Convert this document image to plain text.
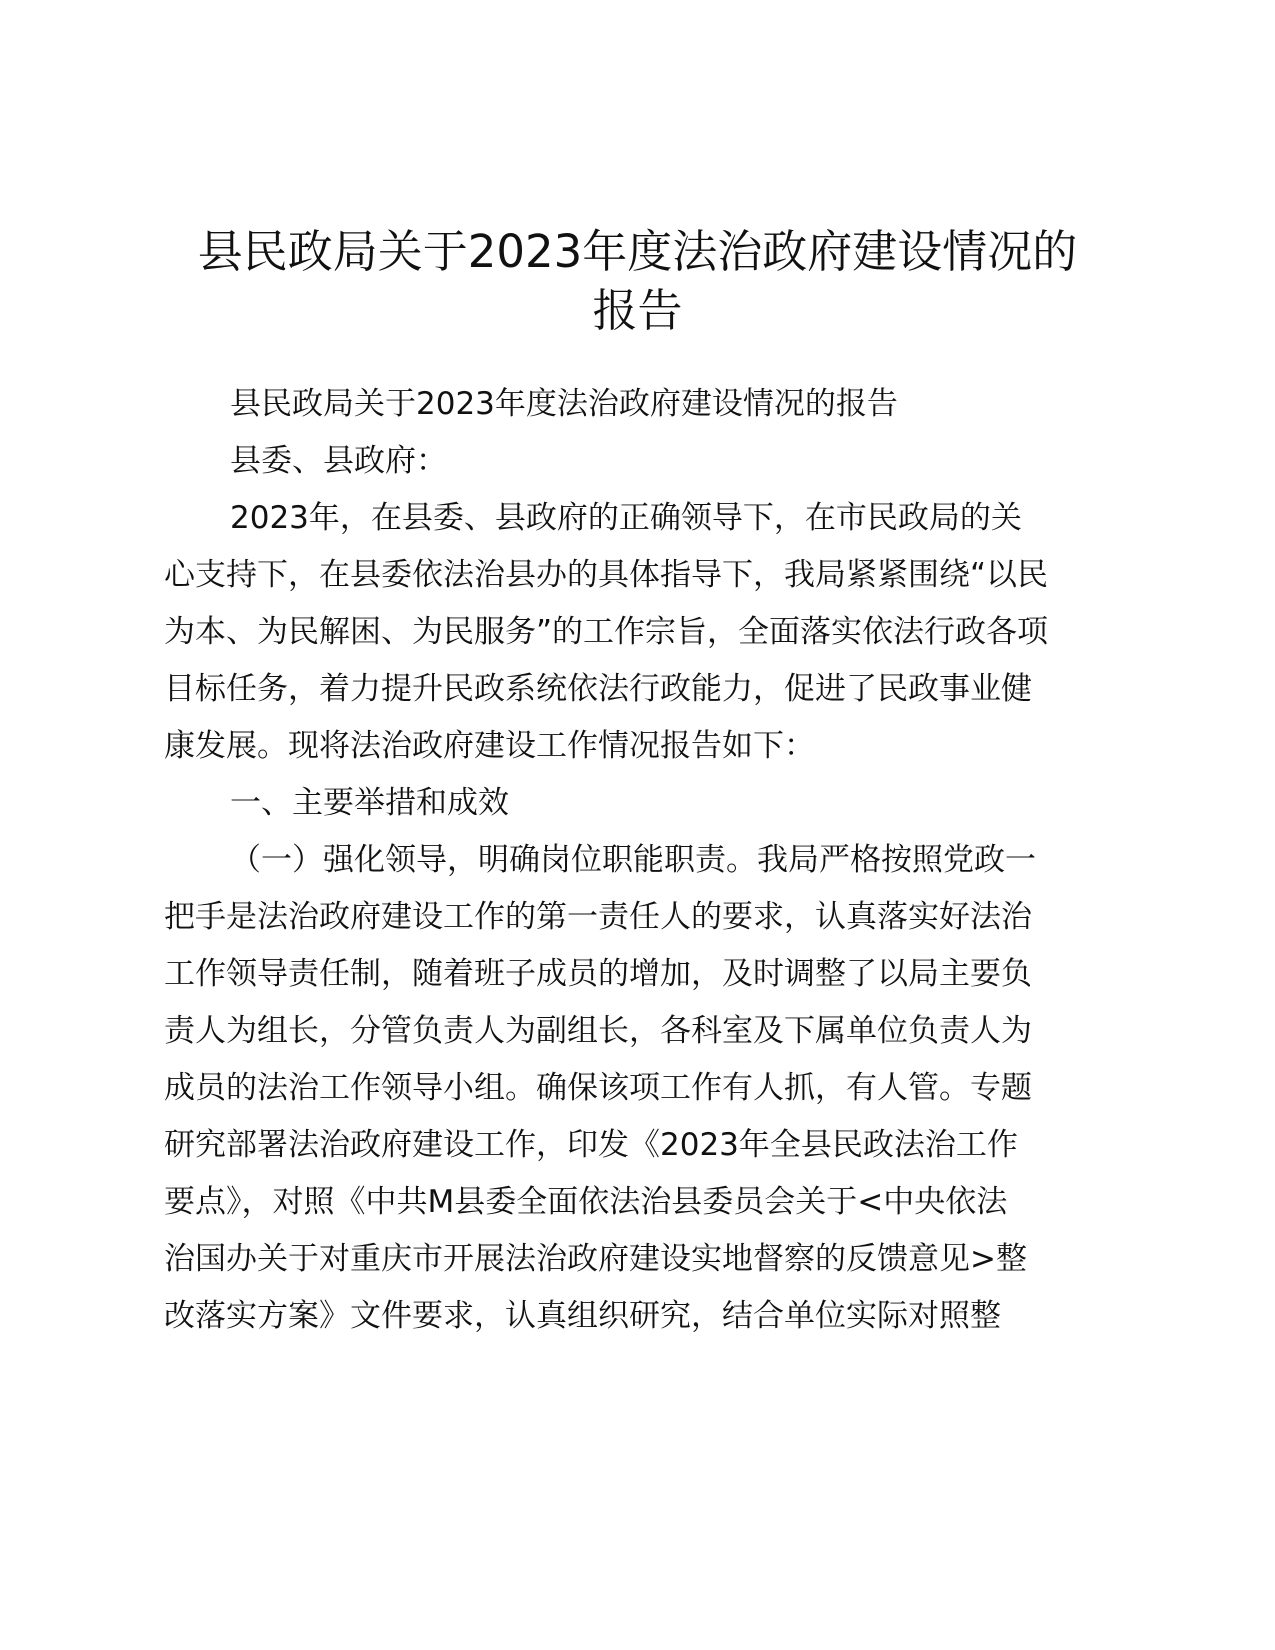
县民政局关于2023年度法治政府建设情况的
报告
县民政局关于2023年度法治政府建设情况的报告
县委、县政府：
2023年，在县委、县政府的正确领导下，在市民政局的关
心支持下，在县委依法治县办的具体指导下，我局紧紧围绕“以民
为本、为民解困、为民服务”的工作宗旨，全面落实依法行政各项
目标任务，着力提升民政系统依法行政能力，促进了民政事业健
康发展。现将法治政府建设工作情况报告如下：
一、主要举措和成效
（一）强化领导，明确岗位职能职责。我局严格按照党政一
把手是法治政府建设工作的第一责任人的要求，认真落实好法治
工作领导责任制，随着班子成员的增加，及时调整了以局主要负
责人为组长，分管负责人为副组长，各科室及下属单位负责人为
成员的法治工作领导小组。确保该项工作有人抓，有人管。专题
研究部署法治政府建设工作，印发《2023年全县民政法治工作
要点》，对照《中共M县委全面依法治县委员会关于<中央依法
治国办关于对重庆市开展法治政府建设实地督察的反馈意见>整
改落实方案》文件要求，认真组织研究，结合单位实际对照整
